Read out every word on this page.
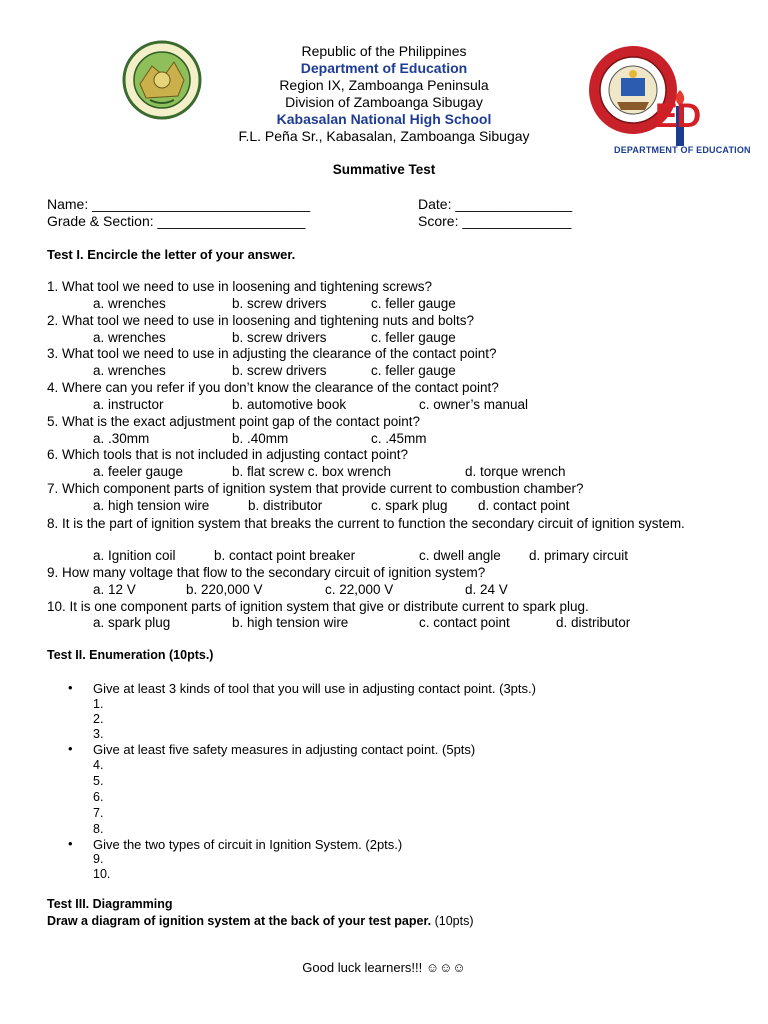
ED
DEPARTMENT OF EDUCATION
Republic of the Philippines
Department of Education
Region IX, Zamboanga Peninsula
Division of Zamboanga Sibugay
Kabasalan National High School
F.L. Peña Sr., Kabasalan, Zamboanga Sibugay
Summative Test
Name: ____________________________	Date: _______________
Grade & Section: ___________________	Score: ______________
Test I. Encircle the letter of your answer.
1. What tool we need to use in loosening and tightening screws?
a. wrenches	b. screw drivers	c. feller gauge
2. What tool we need to use in loosening and tightening nuts and bolts?
a. wrenches	b. screw drivers	c. feller gauge
3. What tool we need to use in adjusting the clearance of the contact point?
a. wrenches	b. screw drivers	c. feller gauge
4. Where can you refer if you don’t know the clearance of the contact point?
a. instructor	b. automotive book	c. owner’s manual
5. What is the exact adjustment point gap of the contact point?
a. .30mm	b. .40mm	c. .45mm
6. Which tools that is not included in adjusting contact point?
a. feeler gauge	b. flat screw c. box wrench	d. torque wrench
7. Which component parts of ignition system that provide current to combustion chamber?
a. high tension wire	b. distributor	c. spark plug d. contact point
8. It is the part of ignition system that breaks the current to function the secondary circuit of ignition system.
a. Ignition coil	b. contact point breaker	c. dwell angle d. primary circuit
9. How many voltage that flow to the secondary circuit of ignition system?
a. 12 V	b. 220,000 V	c. 22,000 V	d. 24 V
10. It is one component parts of ignition system that give or distribute current to spark plug.
a. spark plug	b. high tension wire	c. contact point	d. distributor
Test II. Enumeration (10pts.)
• Give at least 3 kinds of tool that you will use in adjusting contact point. (3pts.)
1.
2.
3.
• Give at least five safety measures in adjusting contact point. (5pts)
4.
5.
6.
7.
8.
• Give the two types of circuit in Ignition System. (2pts.)
9.
10.
Test III. Diagramming
Draw a diagram of ignition system at the back of your test paper. (10pts)
Good luck learners!!! ☺☺☺
